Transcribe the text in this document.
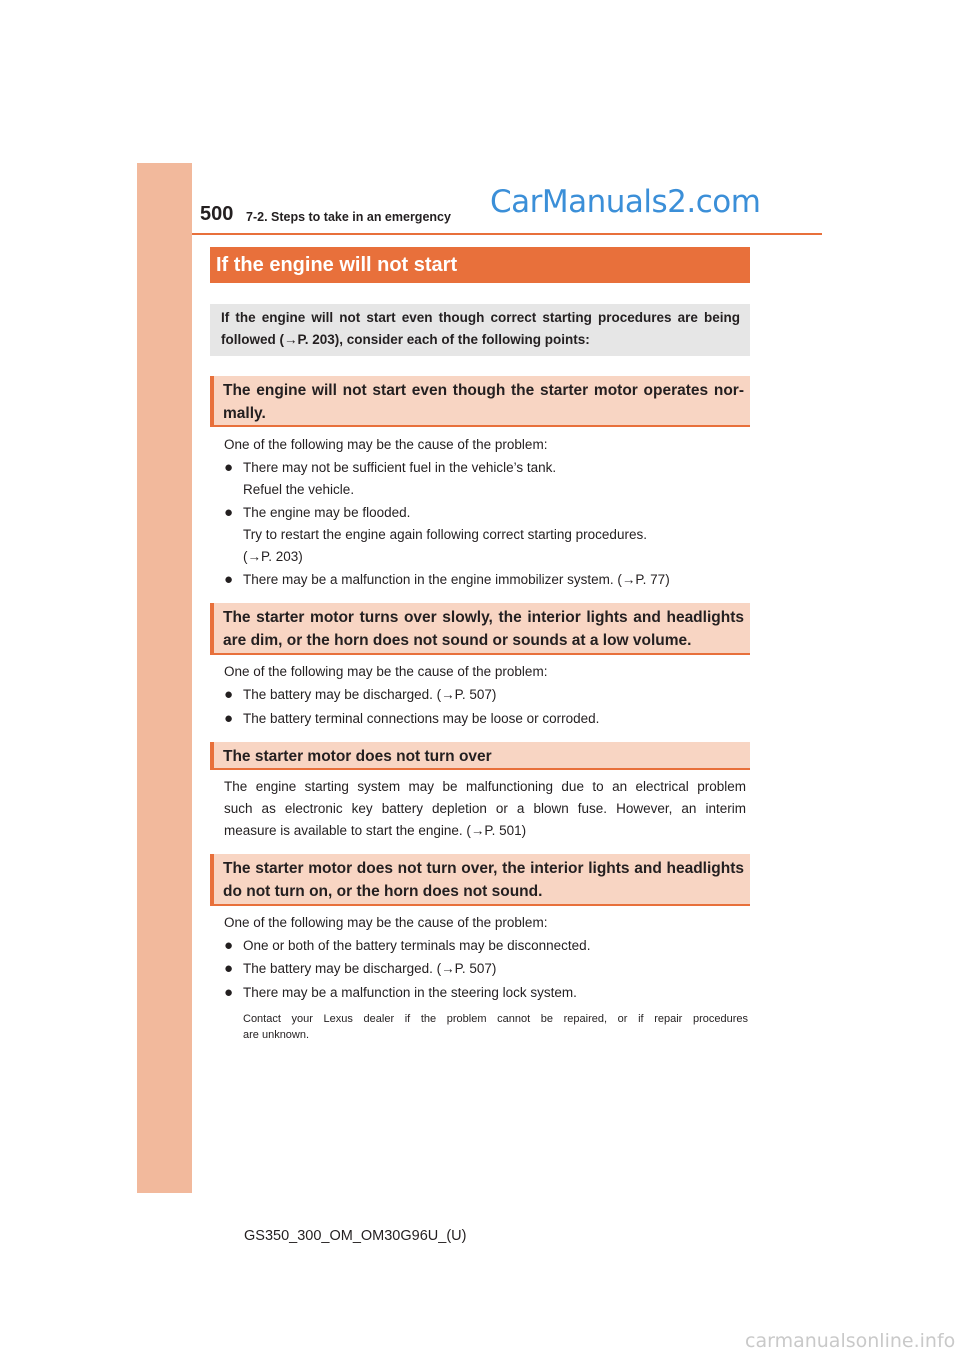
500 7-2. Steps to take in an emergency CarManuals2.com
If the engine will not start
If the engine will not start even though correct starting procedures are being
followed (→P. 203), consider each of the following points:
The engine will not start even though the starter motor operates nor-
mally.
One of the following may be the cause of the problem:
● There may not be sufficient fuel in the vehicle’s tank.
Refuel the vehicle.
● The engine may be flooded.
Try to restart the engine again following correct starting procedures.
(→P. 203)
● There may be a malfunction in the engine immobilizer system. (→P. 77)
The starter motor turns over slowly, the interior lights and headlights
are dim, or the horn does not sound or sounds at a low volume.
One of the following may be the cause of the problem:
● The battery may be discharged. (→P. 507)
● The battery terminal connections may be loose or corroded.
The starter motor does not turn over
The engine starting system may be malfunctioning due to an electrical problem
such as electronic key battery depletion or a blown fuse. However, an interim
measure is available to start the engine. (→P. 501)
The starter motor does not turn over, the interior lights and headlights
do not turn on, or the horn does not sound.
One of the following may be the cause of the problem:
● One or both of the battery terminals may be disconnected.
● The battery may be discharged. (→P. 507)
● There may be a malfunction in the steering lock system.
Contact your Lexus dealer if the problem cannot be repaired, or if repair procedures
are unknown.
GS350_300_OM_OM30G96U_(U)
carmanualsonline.info
